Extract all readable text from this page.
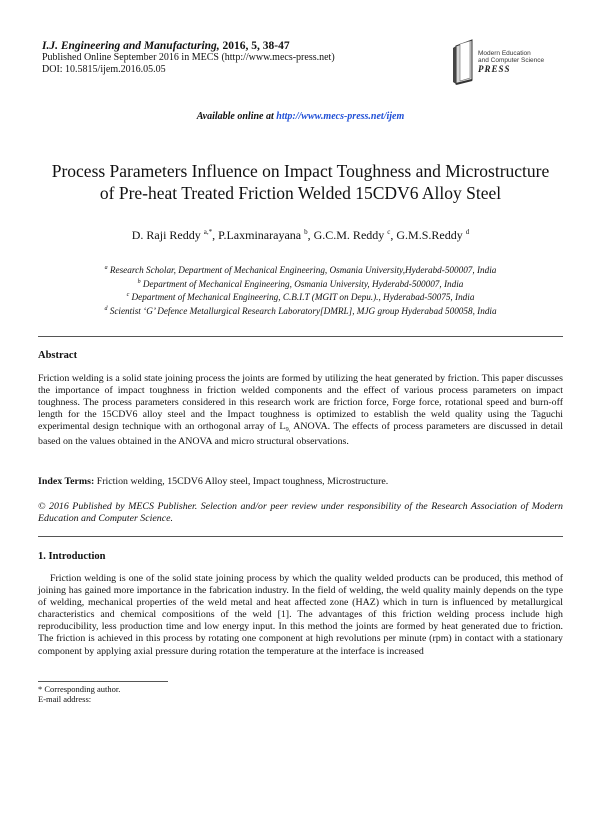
I.J. Engineering and Manufacturing, 2016, 5, 38-47
Published Online September 2016 in MECS (http://www.mecs-press.net)
DOI: 10.5815/ijem.2016.05.05
Modern Education
and Computer Science
PRESS
Available online at http://www.mecs-press.net/ijem
Process Parameters Influence on Impact Toughness and Microstructure of Pre-heat Treated Friction Welded 15CDV6 Alloy Steel
D. Raji Reddy $^{a,*}$, P.Laxminarayana $^b$, G.C.M. Reddy $^c$, G.M.S.Reddy $^d$
$^a$ Research Scholar, Department of Mechanical Engineering, Osmania University,Hyderabd-500007, India
$^b$ Department of Mechanical Engineering, Osmania University, Hyderabd-500007, India
$^c$ Department of Mechanical Engineering, C.B.I.T (MGIT on Depu.)., Hyderabad-50075, India
$^d$ Scientist ‘G’ Defence Metallurgical Research Laboratory[DMRL], MJG group Hyderabad 500058, India
Abstract
Friction welding is a solid state joining process the joints are formed by utilizing the heat generated by friction. This paper discusses the importance of impact toughness in friction welded components and the effect of various process parameters on impact toughness. The process parameters considered in this research work are friction force, Forge force, rotational speed and burn-off length for the 15CDV6 alloy steel and the Impact toughness is optimized to establish the weld quality using the Taguchi experimental design technique with an orthogonal array of $L_{9,}$ ANOVA. The effects of process parameters are discussed in detail based on the values obtained in the ANOVA and micro structural observations.
Index Terms: Friction welding, 15CDV6 Alloy steel, Impact toughness, Microstructure.
© 2016 Published by MECS Publisher. Selection and/or peer review under responsibility of the Research Association of Modern Education and Computer Science.
1. Introduction
Friction welding is one of the solid state joining process by which the quality welded products can be produced, this method of joining has gained more importance in the fabrication industry. In the field of welding, the weld quality mainly depends on the type of welding, mechanical properties of the weld metal and heat affected zone (HAZ) which in turn is influenced by metallurgical characteristics and chemical compositions of the weld [1]. The advantages of this friction welding process include high reproducibility, less production time and low energy input. In this method the joints are formed by heat generated due to friction. The friction is achieved in this process by rotating one component at high revolutions per minute (rpm) in contact with a stationary component by applying axial pressure during rotation the temperature at the interface is increased
* Corresponding author.
E-mail address:
